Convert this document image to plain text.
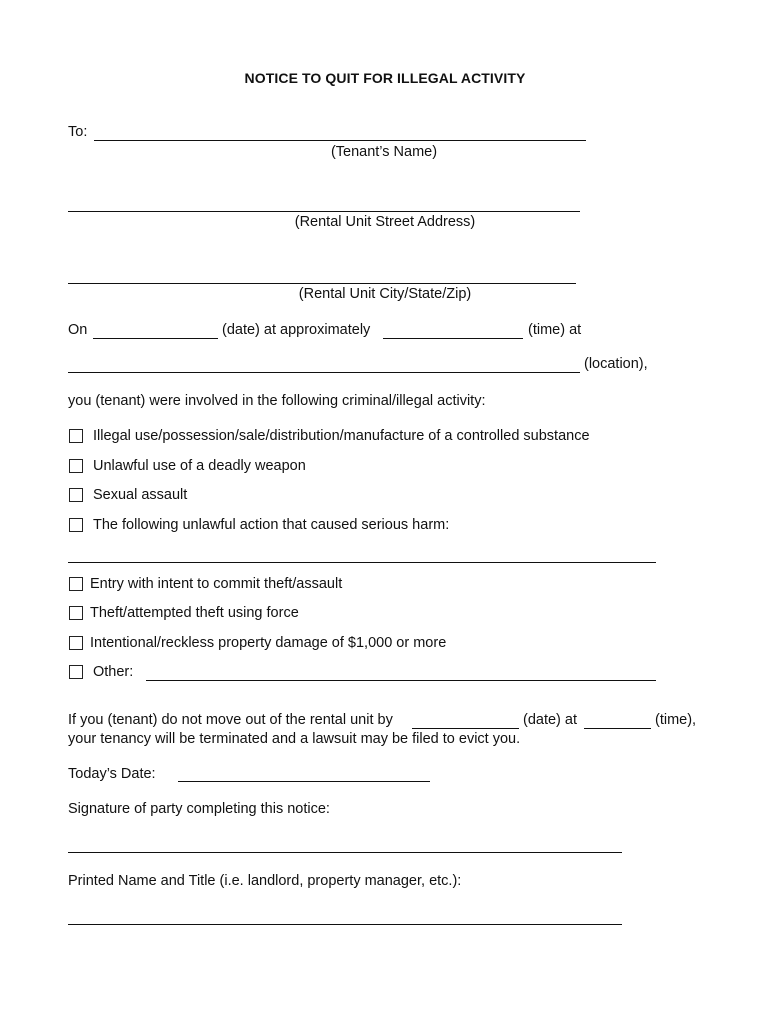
NOTICE TO QUIT FOR ILLEGAL ACTIVITY
To:
(Tenant’s Name)
(Rental Unit Street Address)
(Rental Unit City/State/Zip)
On	(date) at approximately	(time) at
(location),
you (tenant) were involved in the following criminal/illegal activity:
Illegal use/possession/sale/distribution/manufacture of a controlled substance
Unlawful use of a deadly weapon
Sexual assault
The following unlawful action that caused serious harm:
Entry with intent to commit theft/assault
Theft/attempted theft using force
Intentional/reckless property damage of $1,000 or more
Other:
If you (tenant) do not move out of the rental unit by	(date) at	(time),
your tenancy will be terminated and a lawsuit may be filed to evict you.
Today’s Date:
Signature of party completing this notice:
Printed Name and Title (i.e. landlord, property manager, etc.):
